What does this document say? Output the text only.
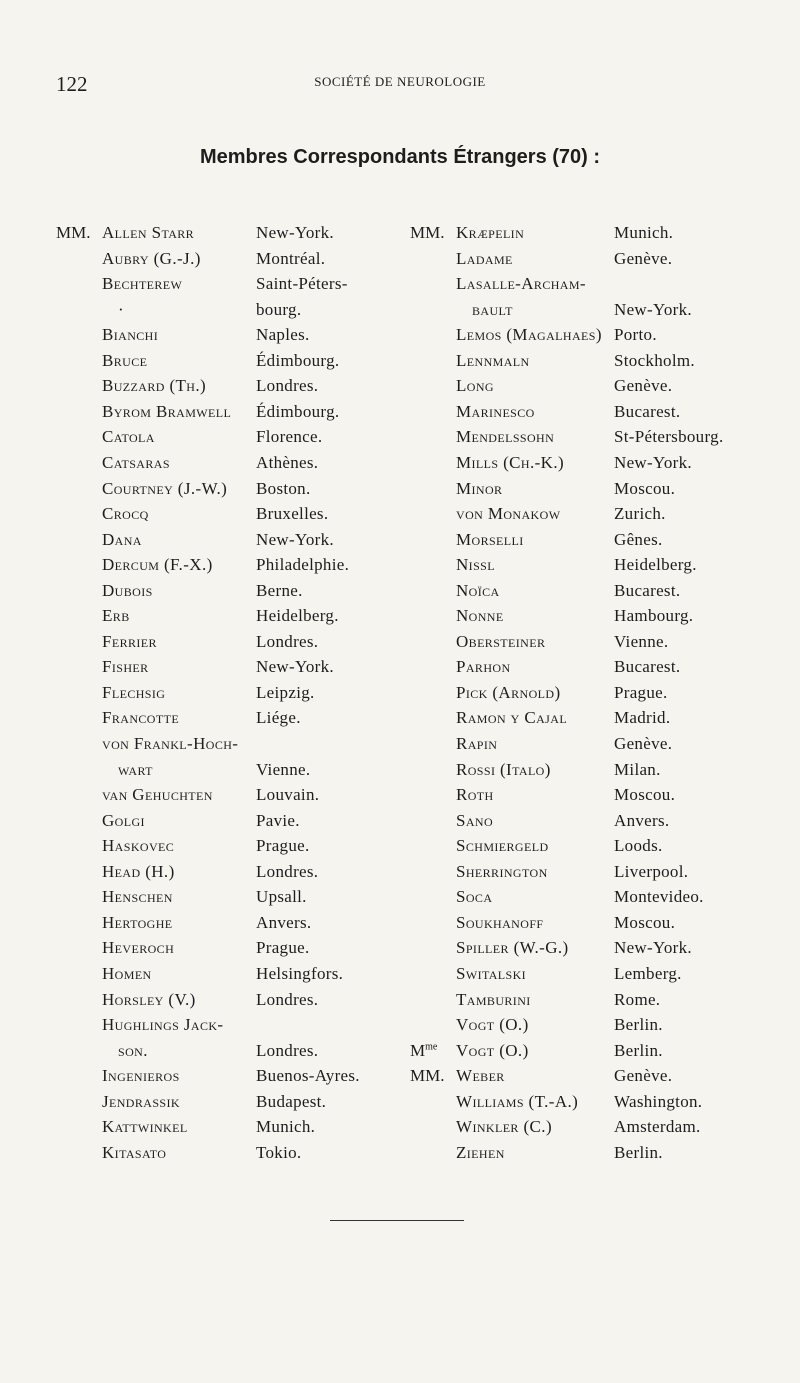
122	SOCIÉTÉ DE NEUROLOGIE
Membres Correspondants Étrangers (70) :
MM. Allen Starr	New-York.
Aubry (G.-J.)	Montréal.
Bechterew	Saint-Péters-
·	bourg.
Bianchi	Naples.
Bruce	Édimbourg.
Buzzard (Th.)	Londres.
Byrom Bramwell Édimbourg.
Catola	Florence.
Catsaras	Athènes.
Courtney (J.-W.) Boston.
Crocq	Bruxelles.
Dana	New-York.
Dercum (F.-X.)	Philadelphie.
Dubois	Berne.
Erb	Heidelberg.
Ferrier	Londres.
Fisher	New-York.
Flechsig	Leipzig.
Francotte	Liége.
von Frankl-Hoch-
wart	Vienne.
van Gehuchten	Louvain.
Golgi	Pavie.
Haskovec	Prague.
Head (H.)	Londres.
Henschen	Upsall.
Hertoghe	Anvers.
Heveroch	Prague.
Homen	Helsingfors.
Horsley (V.)	Londres.
Hughlings Jack-
son.	Londres.
Ingenieros	Buenos-Ayres.
Jendrassik	Budapest.
Kattwinkel	Munich.
Kitasato	Tokio.
MM. Kræpelin	Munich.
Ladame	Genève.
Lasalle-Archam-
bault	New-York.
Lemos (Magalhaes) Porto.
Lennmaln	Stockholm.
Long	Genève.
Marinesco	Bucarest.
Mendelssohn	St-Pétersbourg.
Mills (Ch.-K.)	New-York.
Minor	Moscou.
von Monakow	Zurich.
Morselli	Gênes.
Nissl	Heidelberg.
Noïca	Bucarest.
Nonne	Hambourg.
Obersteiner	Vienne.
Parhon	Bucarest.
Pick (Arnold)	Prague.
Ramon y Cajal	Madrid.
Rapin	Genève.
Rossi (Italo)	Milan.
Roth	Moscou.
Sano	Anvers.
Schmiergeld	Loods.
Sherrington	Liverpool.
Soca	Montevideo.
Soukhanoff	Moscou.
Spiller (W.-G.)	New-York.
Switalski	Lemberg.
Tamburini	Rome.
Vogt (O.)	Berlin.
$M^{me}$ Vogt (O.)	Berlin.
MM. Weber	Genève.
Williams (T.-A.) Washington.
Winkler (C.)	Amsterdam.
Ziehen	Berlin.
